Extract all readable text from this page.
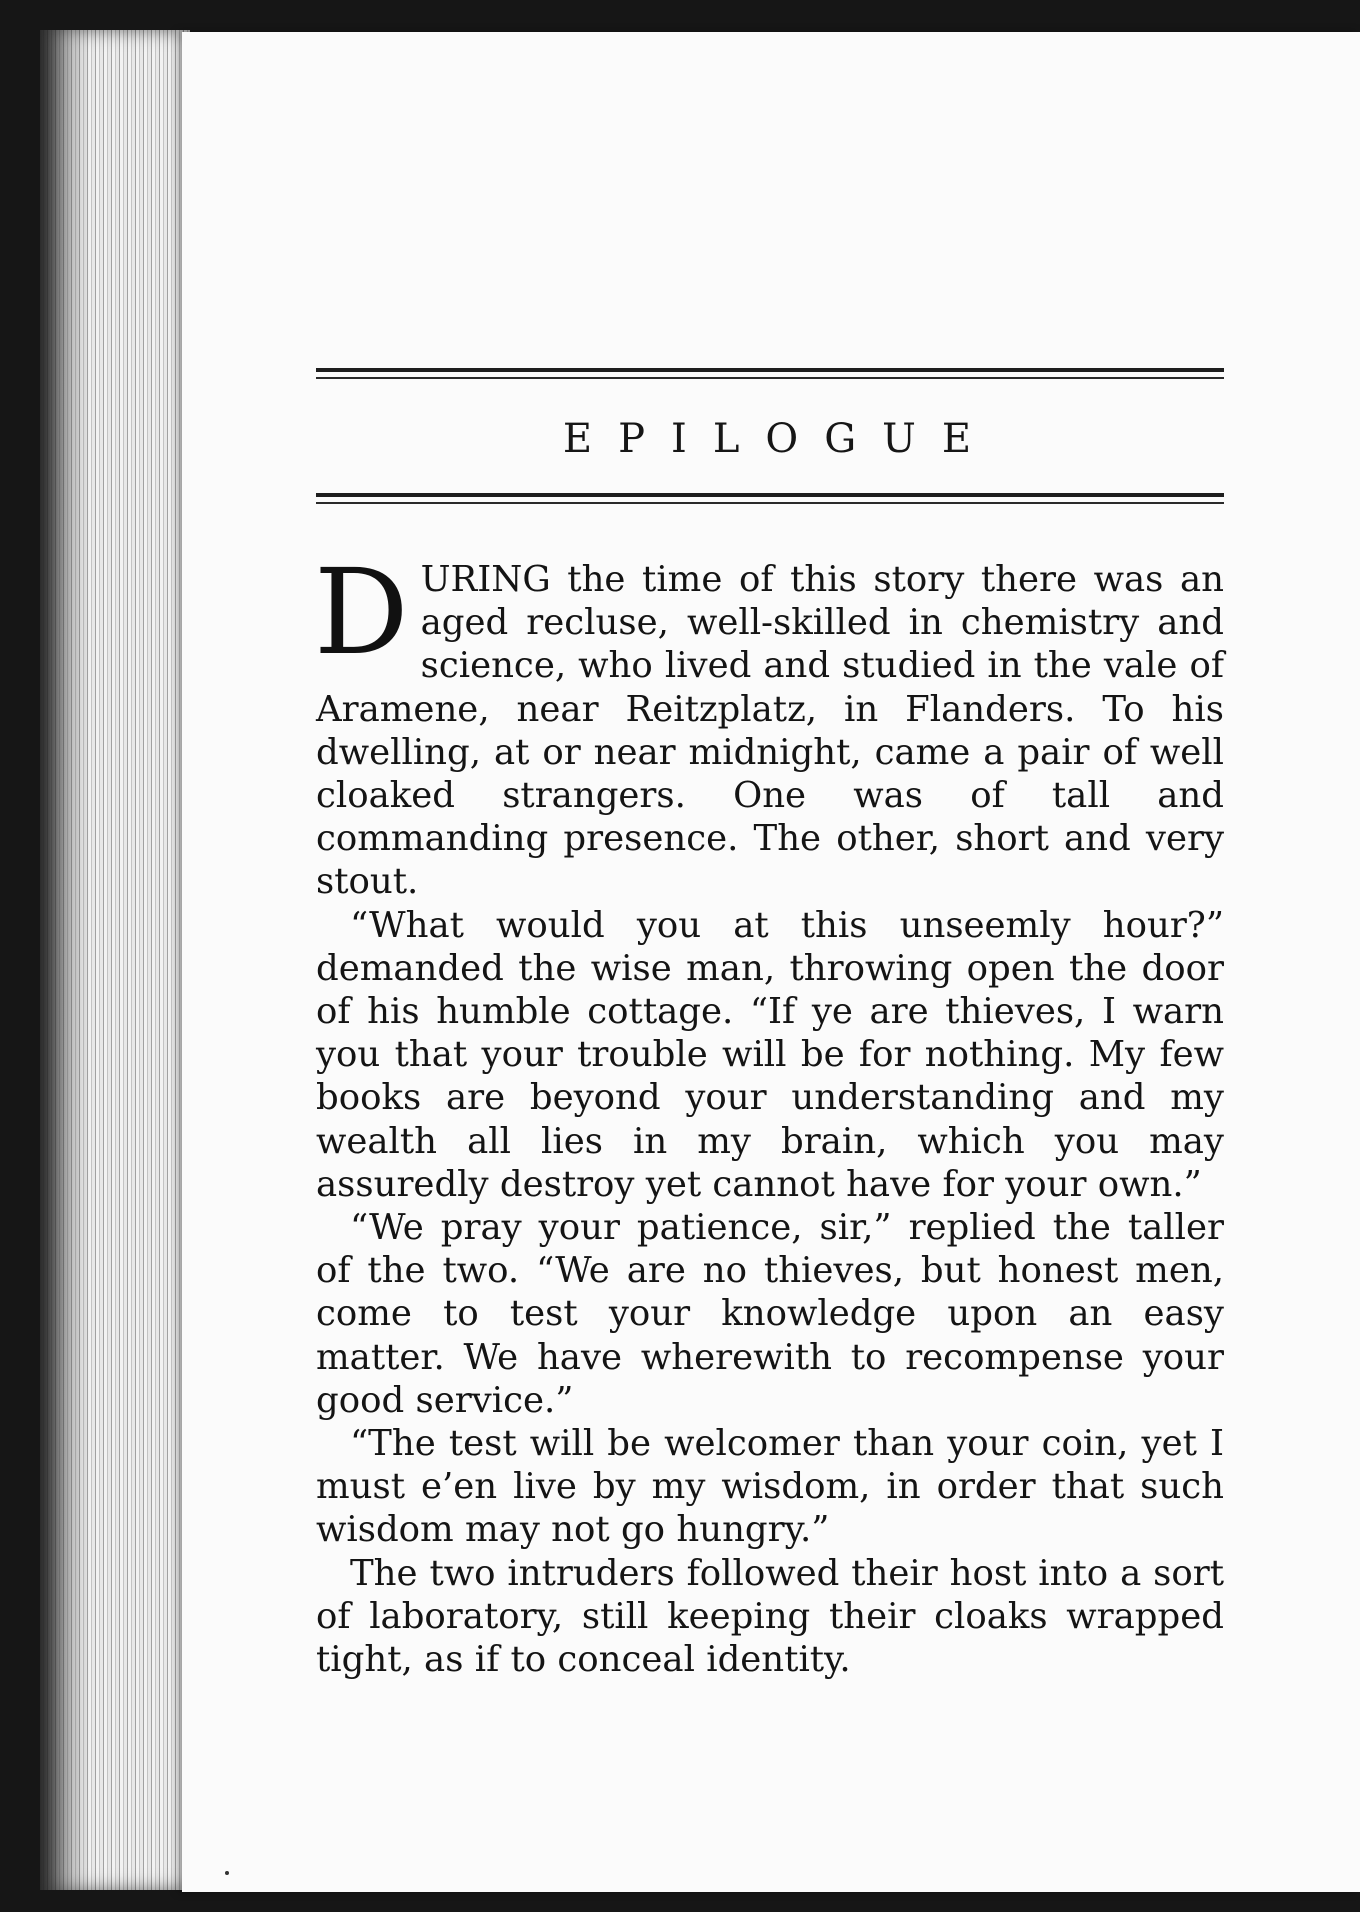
EPILOGUE

DURING the time of this story there was an aged recluse, well-skilled in chemistry and science, who lived and studied in the vale of Aramene, near Reitzplatz, in Flanders. To his dwelling, at or near midnight, came a pair of well cloaked strangers. One was of tall and commanding presence. The other, short and very stout.

“What would you at this unseemly hour?” demanded the wise man, throwing open the door of his humble cottage. “If ye are thieves, I warn you that your trouble will be for nothing. My few books are beyond your understanding and my wealth all lies in my brain, which you may assuredly destroy yet cannot have for your own.”

“We pray your patience, sir,” replied the taller of the two. “We are no thieves, but honest men, come to test your knowledge upon an easy matter. We have wherewith to recompense your good service.”

“The test will be welcomer than your coin, yet I must e’en live by my wisdom, in order that such wisdom may not go hungry.”

The two intruders followed their host into a sort of laboratory, still keeping their cloaks wrapped tight, as if to conceal identity.
